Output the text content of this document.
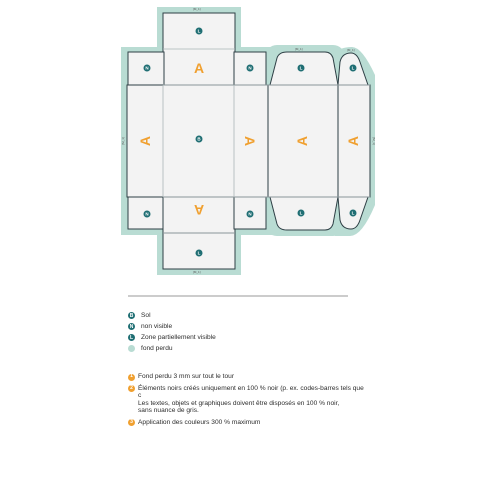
[M_1]
[M_1]	[M_1]
[M_1]
[M_1]	[M_1]
A
A
A	A	A	A
L
N	N	L	L
B
N	N	L	L
L
B Sol
N non visible
L Zone partiellement visible
fond perdu
1 Fond perdu 3 mm sur tout le tour
2 Éléments noirs créés uniquement en 100 % noir (p. ex. codes-barres tels que c
Les textes, objets et graphiques doivent être disposés en 100 % noir,
sans nuance de gris.
3 Application des couleurs 300 % maximum
